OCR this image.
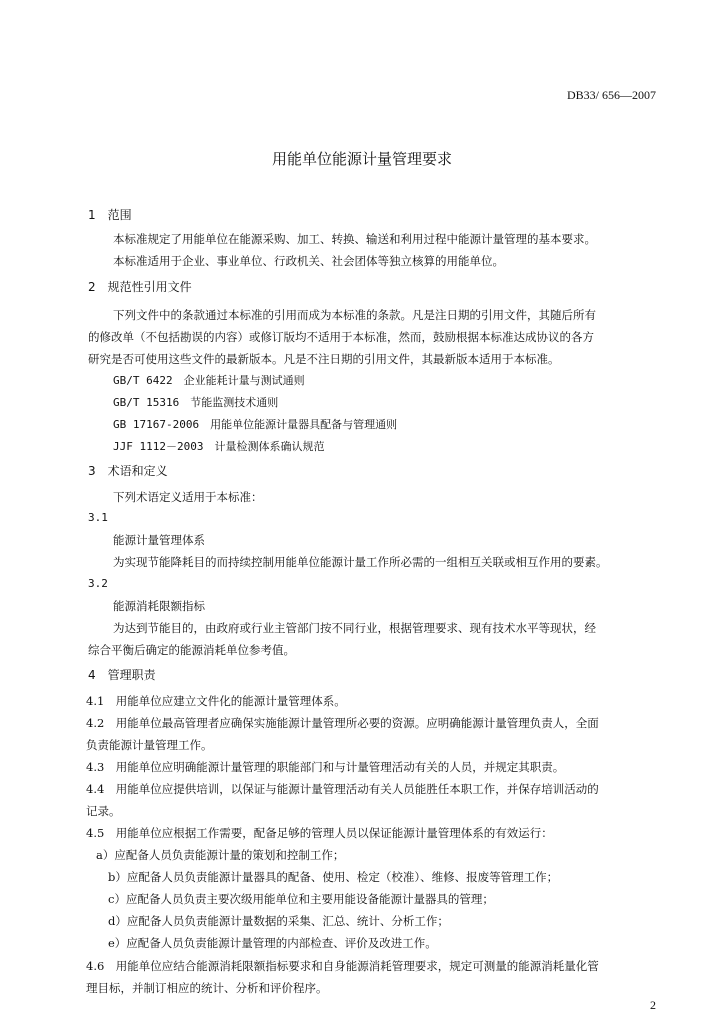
DB33/ 656—2007
用能单位能源计量管理要求
1　范围
本标准规定了用能单位在能源采购、加工、转换、输送和利用过程中能源计量管理的基本要求。
本标准适用于企业、事业单位、行政机关、社会团体等独立核算的用能单位。
2　规范性引用文件
下列文件中的条款通过本标准的引用而成为本标准的条款。凡是注日期的引用文件，其随后所有
的修改单（不包括勘误的内容）或修订版均不适用于本标准，然而，鼓励根据本标准达成协议的各方
研究是否可使用这些文件的最新版本。凡是不注日期的引用文件，其最新版本适用于本标准。
GB/T 6422　企业能耗计量与测试通则
GB/T 15316　节能监测技术通则
GB 17167-2006　用能单位能源计量器具配备与管理通则
JJF 1112－2003　计量检测体系确认规范
3　术语和定义
下列术语定义适用于本标准：
3.1
能源计量管理体系
为实现节能降耗目的而持续控制用能单位能源计量工作所必需的一组相互关联或相互作用的要素。
3.2
能源消耗限额指标
为达到节能目的，由政府或行业主管部门按不同行业，根据管理要求、现有技术水平等现状，经
综合平衡后确定的能源消耗单位参考值。
4　管理职责
4.1　用能单位应建立文件化的能源计量管理体系。
4.2　用能单位最高管理者应确保实施能源计量管理所必要的资源。应明确能源计量管理负责人，全面
负责能源计量管理工作。
4.3　用能单位应明确能源计量管理的职能部门和与计量管理活动有关的人员，并规定其职责。
4.4　用能单位应提供培训，以保证与能源计量管理活动有关人员能胜任本职工作，并保存培训活动的
记录。
4.5　用能单位应根据工作需要，配备足够的管理人员以保证能源计量管理体系的有效运行：
a）应配备人员负责能源计量的策划和控制工作；
b）应配备人员负责能源计量器具的配备、使用、检定（校准）、维修、报废等管理工作；
c）应配备人员负责主要次级用能单位和主要用能设备能源计量器具的管理；
d）应配备人员负责能源计量数据的采集、汇总、统计、分析工作；
e）应配备人员负责能源计量管理的内部检查、评价及改进工作。
4.6　用能单位应结合能源消耗限额指标要求和自身能源消耗管理要求，规定可测量的能源消耗量化管
理目标，并制订相应的统计、分析和评价程序。
2
